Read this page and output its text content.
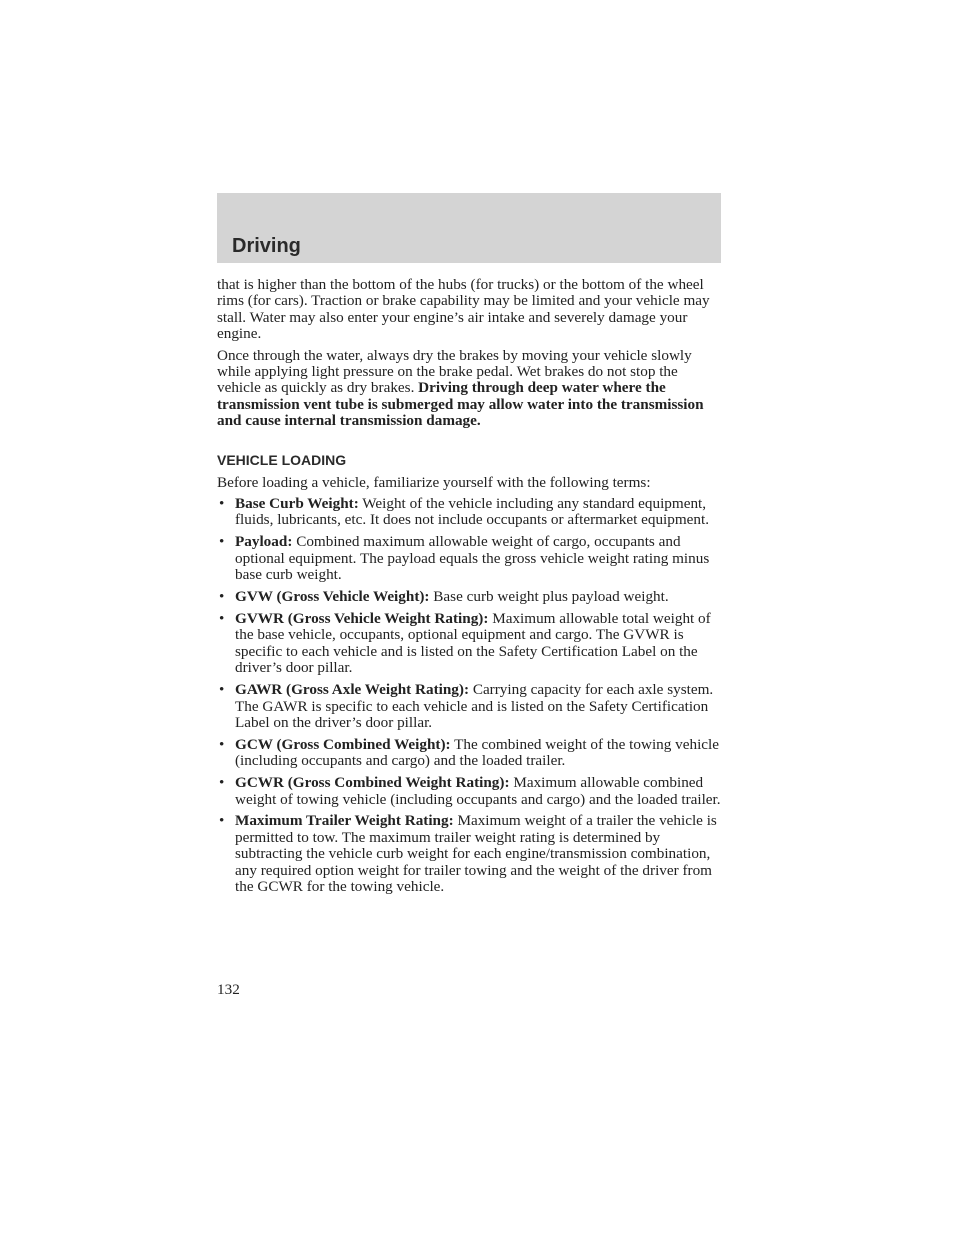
Driving

that is higher than the bottom of the hubs (for trucks) or the bottom of the wheel rims (for cars). Traction or brake capability may be limited and your vehicle may stall. Water may also enter your engine’s air intake and severely damage your engine.

Once through the water, always dry the brakes by moving your vehicle slowly while applying light pressure on the brake pedal. Wet brakes do not stop the vehicle as quickly as dry brakes. Driving through deep water where the transmission vent tube is submerged may allow water into the transmission and cause internal transmission damage.

VEHICLE LOADING

Before loading a vehicle, familiarize yourself with the following terms:

• Base Curb Weight: Weight of the vehicle including any standard equipment, fluids, lubricants, etc. It does not include occupants or aftermarket equipment.
• Payload: Combined maximum allowable weight of cargo, occupants and optional equipment. The payload equals the gross vehicle weight rating minus base curb weight.
• GVW (Gross Vehicle Weight): Base curb weight plus payload weight.
• GVWR (Gross Vehicle Weight Rating): Maximum allowable total weight of the base vehicle, occupants, optional equipment and cargo. The GVWR is specific to each vehicle and is listed on the Safety Certification Label on the driver’s door pillar.
• GAWR (Gross Axle Weight Rating): Carrying capacity for each axle system. The GAWR is specific to each vehicle and is listed on the Safety Certification Label on the driver’s door pillar.
• GCW (Gross Combined Weight): The combined weight of the towing vehicle (including occupants and cargo) and the loaded trailer.
• GCWR (Gross Combined Weight Rating): Maximum allowable combined weight of towing vehicle (including occupants and cargo) and the loaded trailer.
• Maximum Trailer Weight Rating: Maximum weight of a trailer the vehicle is permitted to tow. The maximum trailer weight rating is determined by subtracting the vehicle curb weight for each engine/transmission combination, any required option weight for trailer towing and the weight of the driver from the GCWR for the towing vehicle.
132
